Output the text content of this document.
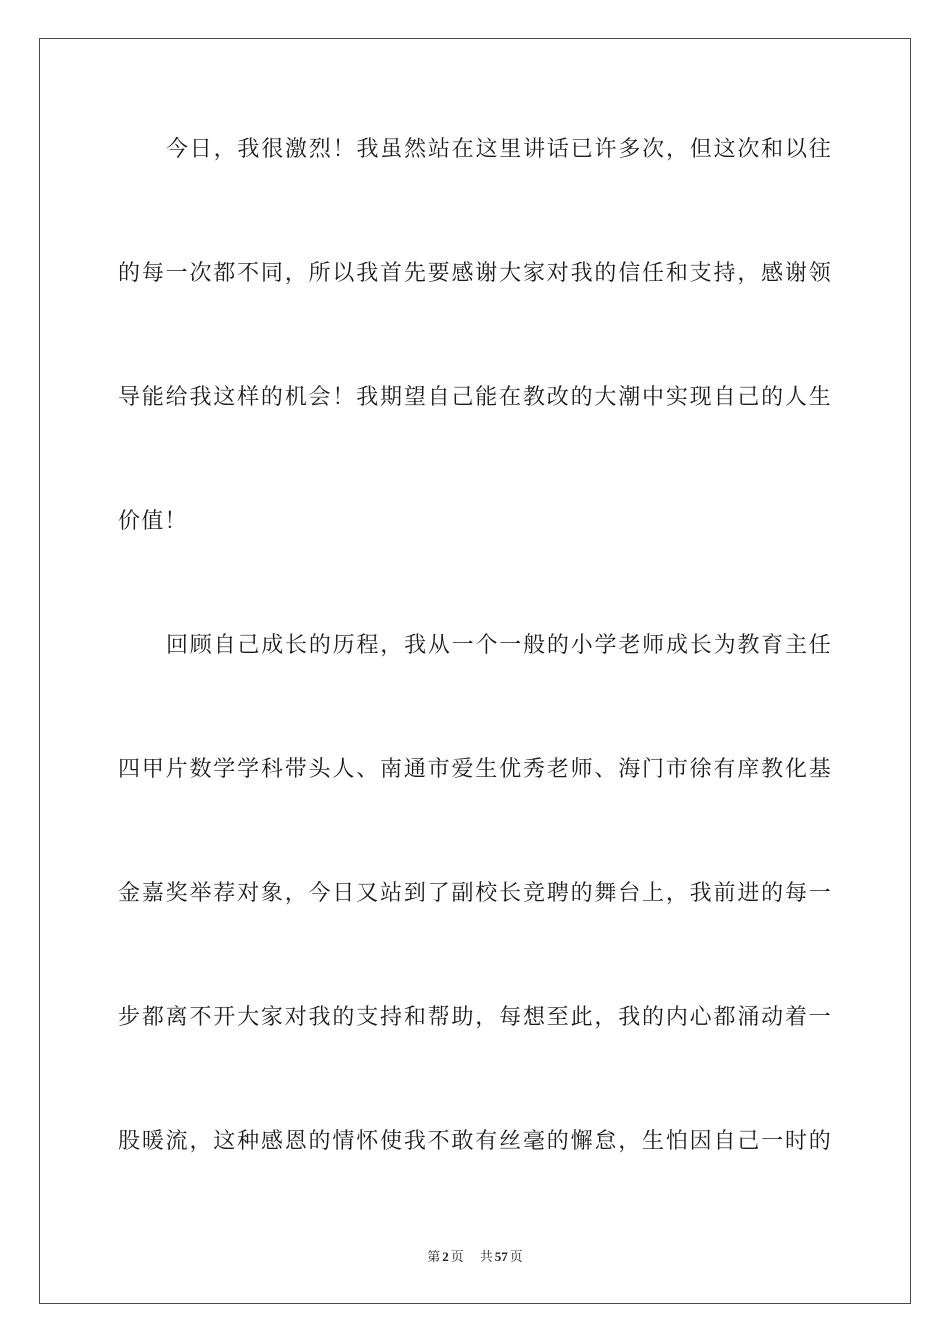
今日，我很激烈！我虽然站在这里讲话已许多次，但这次和以往
的每一次都不同，所以我首先要感谢大家对我的信任和支持，感谢领
导能给我这样的机会！我期望自己能在教改的大潮中实现自己的人生
价值！
回顾自己成长的历程，我从一个一般的小学老师成长为教育主任
四甲片数学学科带头人、南通市爱生优秀老师、海门市徐有庠教化基
金嘉奖举荐对象，今日又站到了副校长竞聘的舞台上，我前进的每一
步都离不开大家对我的支持和帮助，每想至此，我的内心都涌动着一
股暖流，这种感恩的情怀使我不敢有丝毫的懈怠，生怕因自己一时的
第 2 页 共 57 页
